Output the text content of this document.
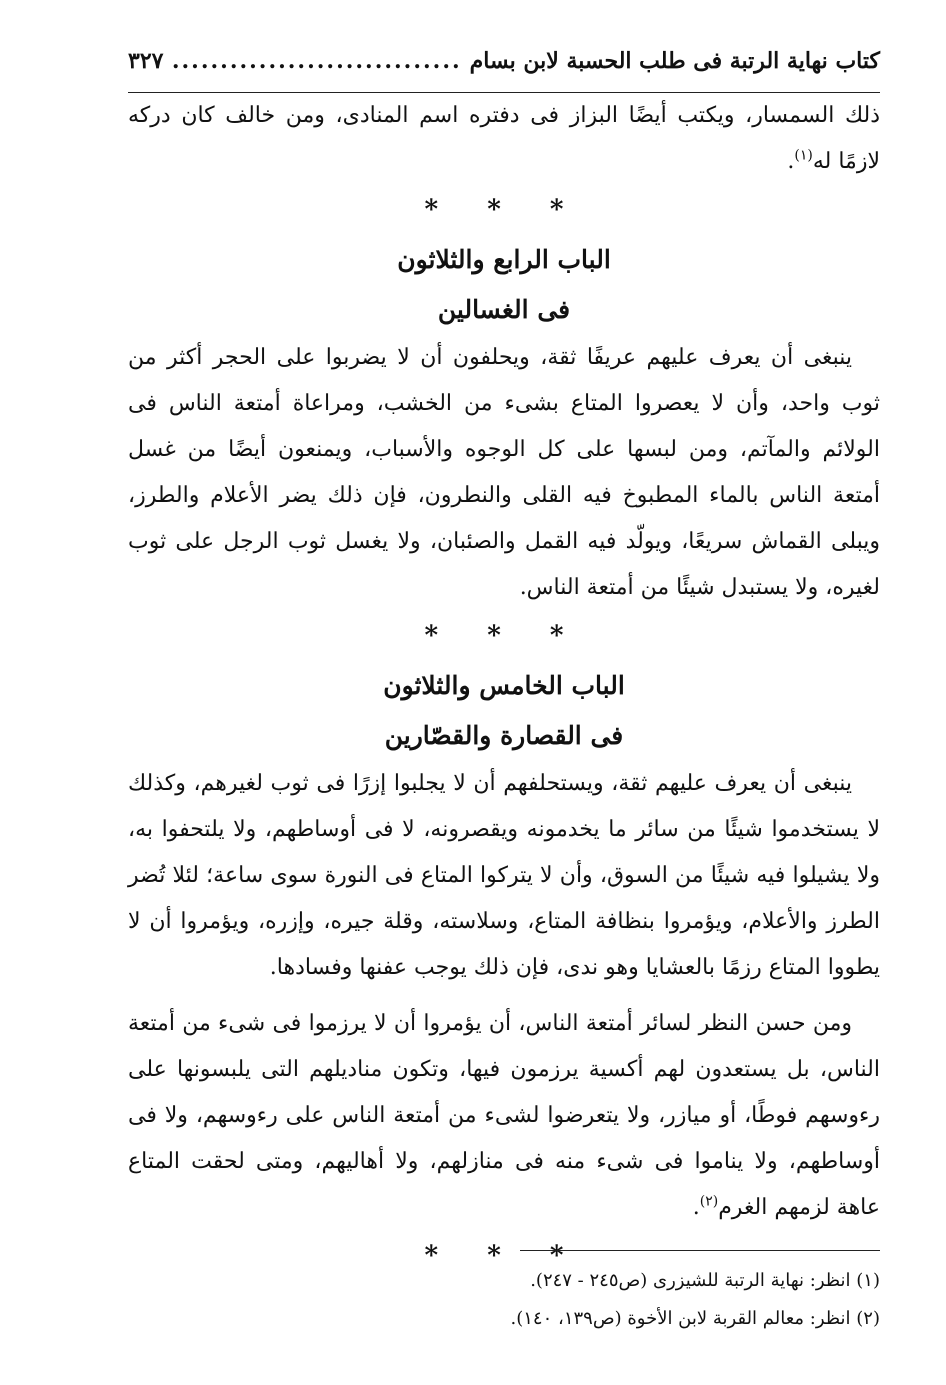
كتاب نهاية الرتبة فى طلب الحسبة لابن بسام
..............................
٣٢٧

ذلك السمسار، ويكتب أيضًا البزاز فى دفتره اسم المنادى، ومن خالف كان دركه لازمًا له$^{(١)}$.

* * *
الباب الرابع والثلاثون
فى الغسالين

ينبغى أن يعرف عليهم عريفًا ثقة، ويحلفون أن لا يضربوا على الحجر أكثر من ثوب واحد، وأن لا يعصروا المتاع بشىء من الخشب، ومراعاة أمتعة الناس فى الولائم والمآتم، ومن لبسها على كل الوجوه والأسباب، ويمنعون أيضًا من غسل أمتعة الناس بالماء المطبوخ فيه القلى والنطرون، فإن ذلك يضر الأعلام والطرز، ويبلى القماش سريعًا، ويولّد فيه القمل والصئبان، ولا يغسل ثوب الرجل على ثوب لغيره، ولا يستبدل شيئًا من أمتعة الناس.

* * *
الباب الخامس والثلاثون
فى القصارة والقصّارين

ينبغى أن يعرف عليهم ثقة، ويستحلفهم أن لا يجلبوا إزرًا فى ثوب لغيرهم، وكذلك لا يستخدموا شيئًا من سائر ما يخدمونه ويقصرونه، لا فى أوساطهم، ولا يلتحفوا به، ولا يشيلوا فيه شيئًا من السوق، وأن لا يتركوا المتاع فى النورة سوى ساعة؛ لئلا تُضر الطرز والأعلام، ويؤمروا بنظافة المتاع، وسلاسته، وقلة جيره، وإزره، ويؤمروا أن لا يطووا المتاع رزمًا بالعشايا وهو ندى، فإن ذلك يوجب عفنها وفسادها.

ومن حسن النظر لسائر أمتعة الناس، أن يؤمروا أن لا يرزموا فى شىء من أمتعة الناس، بل يستعدون لهم أكسية يرزمون فيها، وتكون مناديلهم التى يلبسونها على رءوسهم فوطًا، أو ميازر، ولا يتعرضوا لشىء من أمتعة الناس على رءوسهم، ولا فى أوساطهم، ولا يناموا فى شىء منه فى منازلهم، ولا أهاليهم، ومتى لحقت المتاع عاهة لزمهم الغرم$^{(٢)}$.

* * *
(١) انظر: نهاية الرتبة للشيزرى (ص٢٤٥ - ٢٤٧).
(٢) انظر: معالم القربة لابن الأخوة (ص١٣٩، ١٤٠).
